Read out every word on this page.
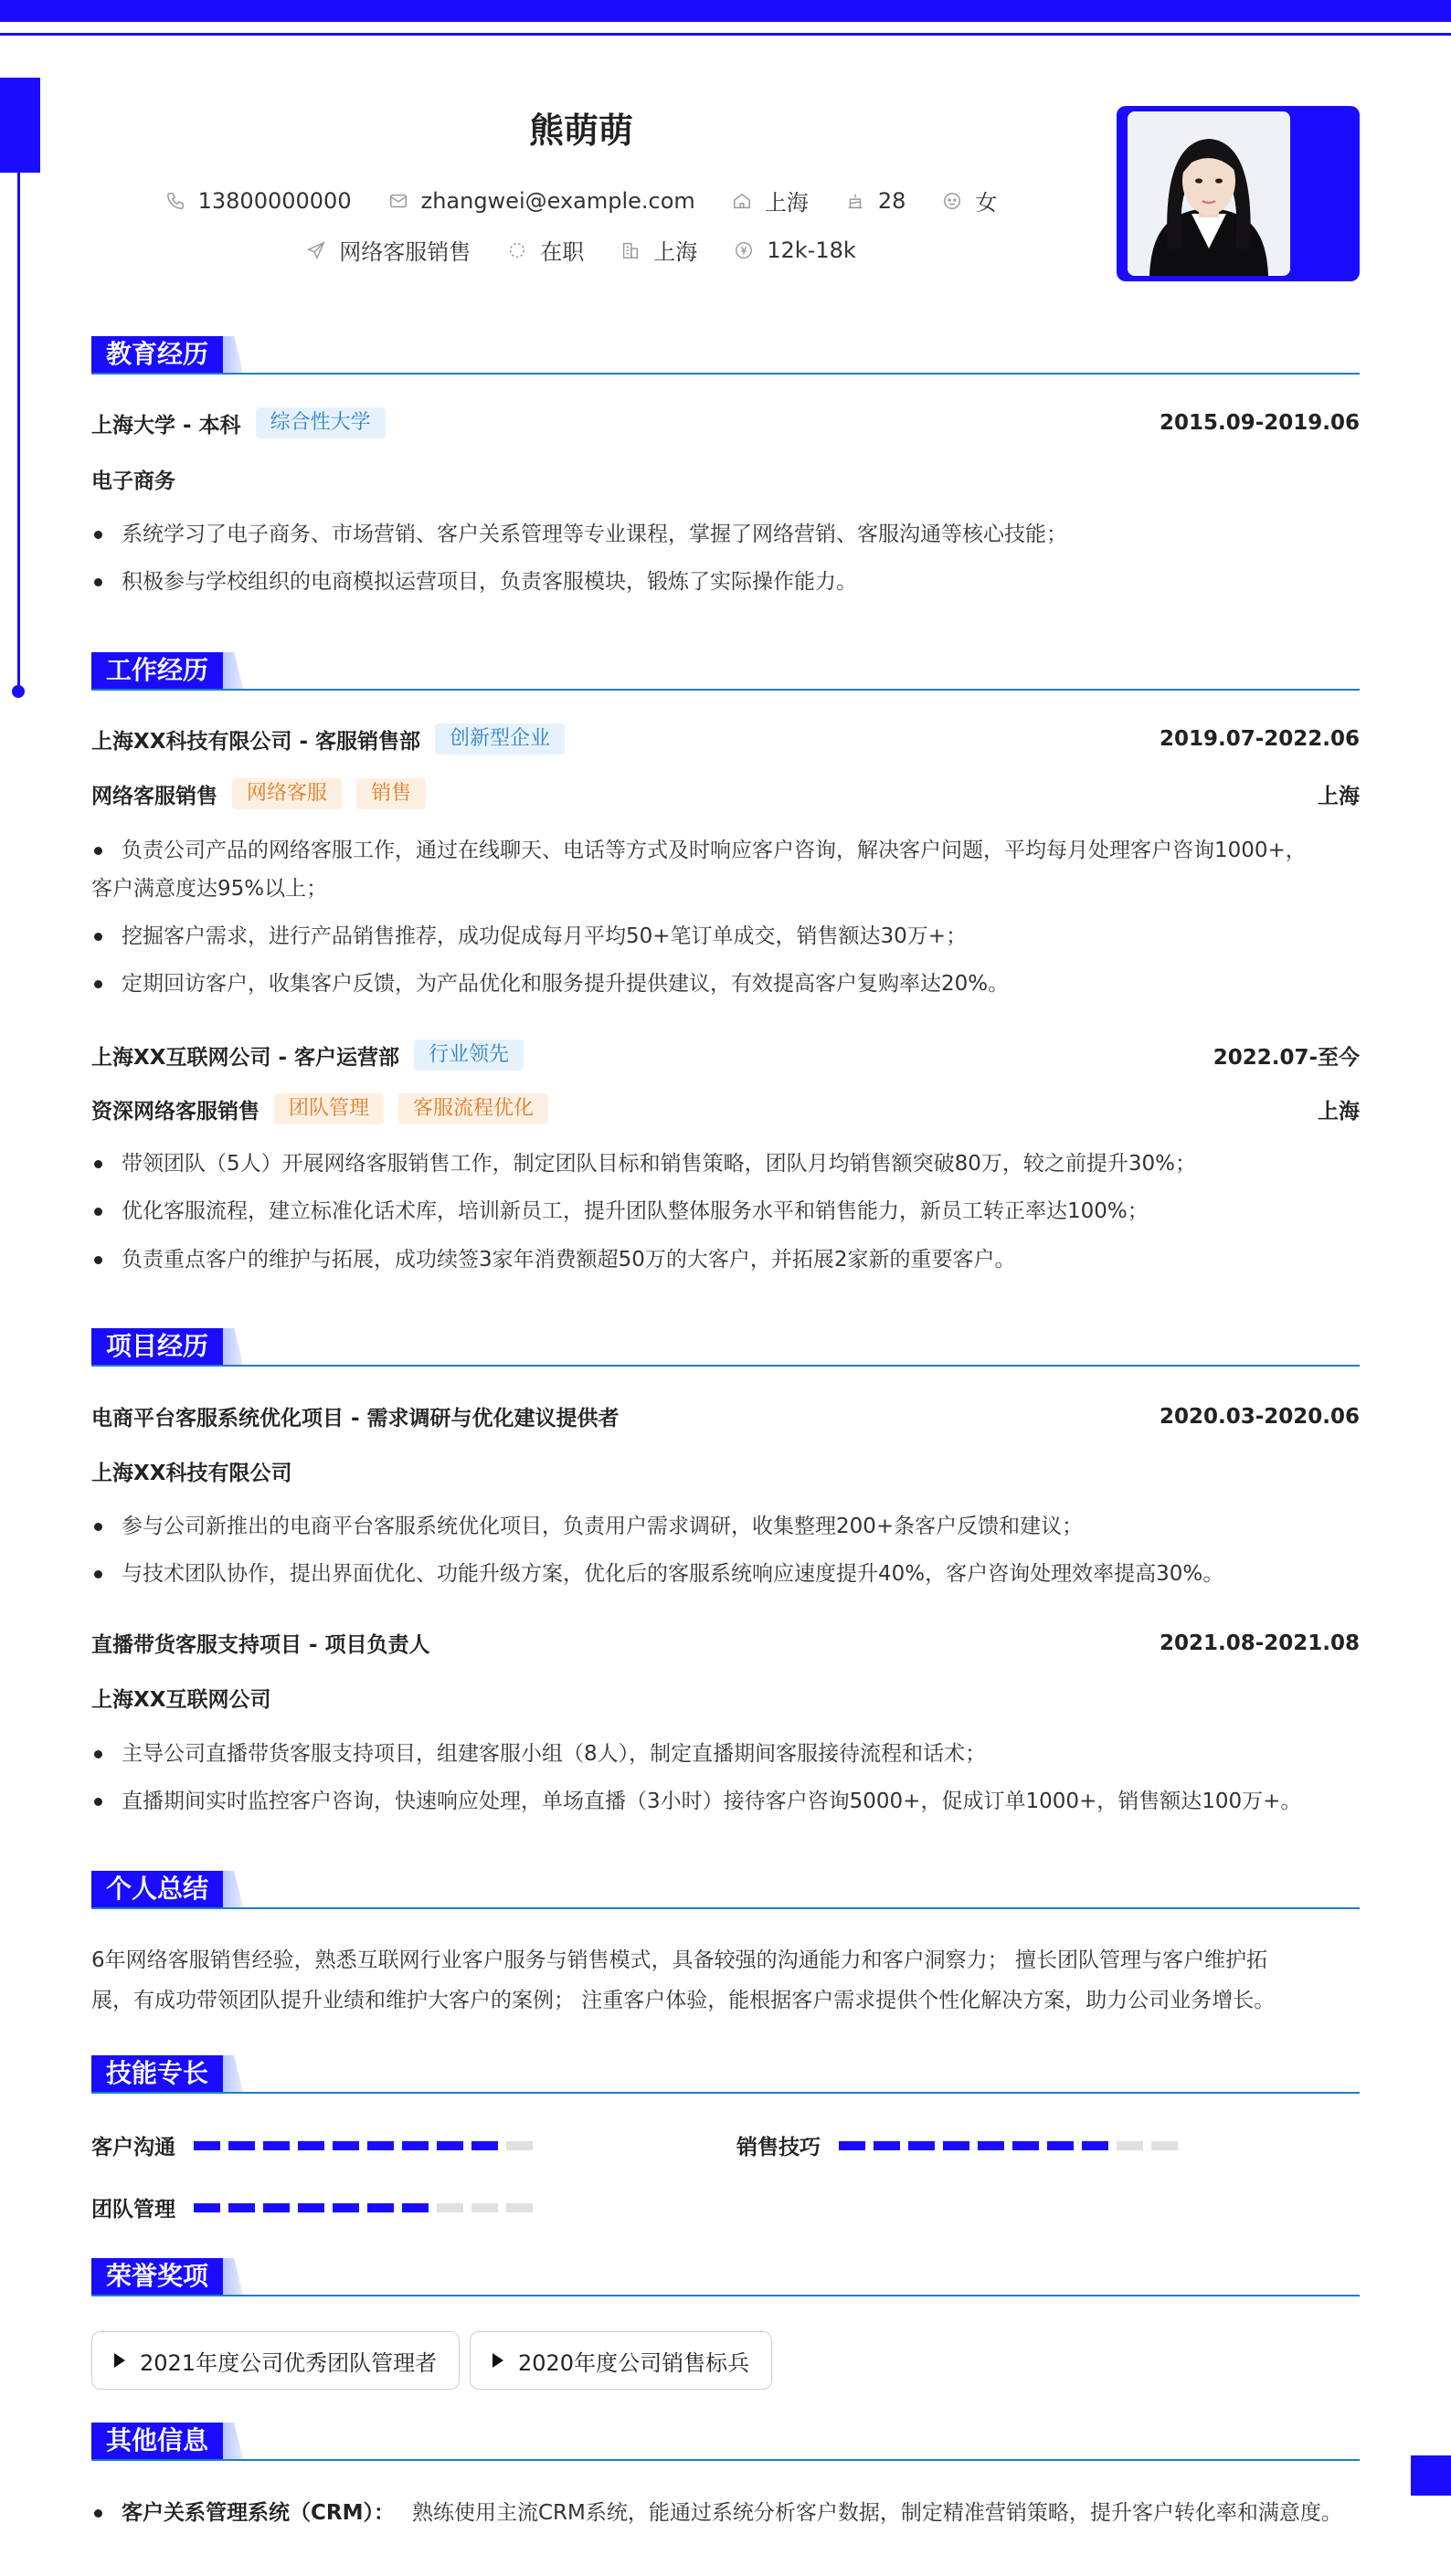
熊萌萌
13800000000	zhangwei@example.com	上海	28	女
网络客服销售	在职	上海	12k-18k
教育经历
上海大学 - 本科	综合性大学	2015.09-2019.06
电子商务
系统学习了电子商务、市场营销、客户关系管理等专业课程，掌握了网络营销、客服沟通等核心技能；
积极参与学校组织的电商模拟运营项目，负责客服模块，锻炼了实际操作能力。
工作经历
上海XX科技有限公司 - 客服销售部	创新型企业	2019.07-2022.06
网络客服销售	网络客服	销售	上海
负责公司产品的网络客服工作，通过在线聊天、电话等方式及时响应客户咨询，解决客户问题，平均每月处理客户咨询1000+，
客户满意度达95%以上；
挖掘客户需求，进行产品销售推荐，成功促成每月平均50+笔订单成交，销售额达30万+；
定期回访客户，收集客户反馈，为产品优化和服务提升提供建议，有效提高客户复购率达20%。
上海XX互联网公司 - 客户运营部	行业领先	2022.07-至今
资深网络客服销售	团队管理	客服流程优化	上海
带领团队（5人）开展网络客服销售工作，制定团队目标和销售策略，团队月均销售额突破80万，较之前提升30%；
优化客服流程，建立标准化话术库，培训新员工，提升团队整体服务水平和销售能力，新员工转正率达100%；
负责重点客户的维护与拓展，成功续签3家年消费额超50万的大客户，并拓展2家新的重要客户。
项目经历
电商平台客服系统优化项目 - 需求调研与优化建议提供者	2020.03-2020.06
上海XX科技有限公司
参与公司新推出的电商平台客服系统优化项目，负责用户需求调研，收集整理200+条客户反馈和建议；
与技术团队协作，提出界面优化、功能升级方案，优化后的客服系统响应速度提升40%，客户咨询处理效率提高30%。
直播带货客服支持项目 - 项目负责人	2021.08-2021.08
上海XX互联网公司
主导公司直播带货客服支持项目，组建客服小组（8人），制定直播期间客服接待流程和话术；
直播期间实时监控客户咨询，快速响应处理，单场直播（3小时）接待客户咨询5000+，促成订单1000+，销售额达100万+。
个人总结
6年网络客服销售经验，熟悉互联网行业客户服务与销售模式，具备较强的沟通能力和客户洞察力； 擅长团队管理与客户维护拓
展，有成功带领团队提升业绩和维护大客户的案例； 注重客户体验，能根据客户需求提供个性化解决方案，助力公司业务增长。
技能专长
客户沟通	销售技巧
团队管理
荣誉奖项
2021年度公司优秀团队管理者	2020年度公司销售标兵
其他信息
客户关系管理系统（CRM）： 熟练使用主流CRM系统，能通过系统分析客户数据，制定精准营销策略，提升客户转化率和满意度。
